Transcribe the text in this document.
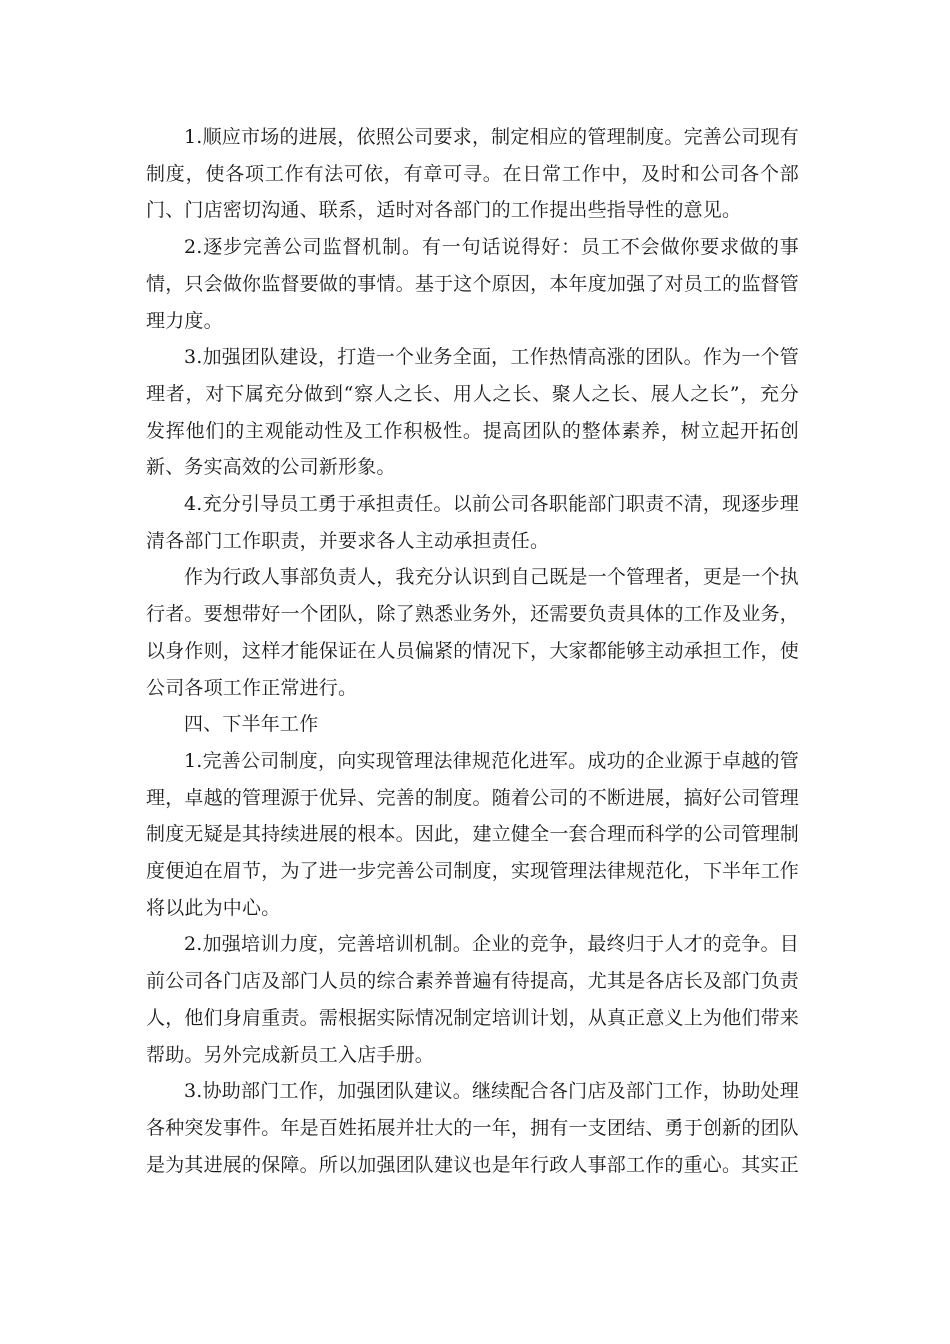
1.顺应市场的进展，依照公司要求，制定相应的管理制度。完善公司现有制度，使各项工作有法可依，有章可寻。在日常工作中，及时和公司各个部门、门店密切沟通、联系，适时对各部门的工作提出些指导性的意见。

2.逐步完善公司监督机制。有一句话说得好：员工不会做你要求做的事情，只会做你监督要做的事情。基于这个原因，本年度加强了对员工的监督管理力度。

3.加强团队建设，打造一个业务全面，工作热情高涨的团队。作为一个管理者，对下属充分做到“察人之长、用人之长、聚人之长、展人之长”，充分发挥他们的主观能动性及工作积极性。提高团队的整体素养，树立起开拓创新、务实高效的公司新形象。

4.充分引导员工勇于承担责任。以前公司各职能部门职责不清，现逐步理清各部门工作职责，并要求各人主动承担责任。

作为行政人事部负责人，我充分认识到自己既是一个管理者，更是一个执行者。要想带好一个团队，除了熟悉业务外，还需要负责具体的工作及业务，以身作则，这样才能保证在人员偏紧的情况下，大家都能够主动承担工作，使公司各项工作正常进行。

四、下半年工作

1.完善公司制度，向实现管理法律规范化进军。成功的企业源于卓越的管理，卓越的管理源于优异、完善的制度。随着公司的不断进展，搞好公司管理制度无疑是其持续进展的根本。因此，建立健全一套合理而科学的公司管理制度便迫在眉节，为了进一步完善公司制度，实现管理法律规范化，下半年工作将以此为中心。

2.加强培训力度，完善培训机制。企业的竞争，最终归于人才的竞争。目前公司各门店及部门人员的综合素养普遍有待提高，尤其是各店长及部门负责人，他们身肩重责。需根据实际情况制定培训计划，从真正意义上为他们带来帮助。另外完成新员工入店手册。

3.协助部门工作，加强团队建议。继续配合各门店及部门工作，协助处理各种突发事件。年是百姓拓展并壮大的一年，拥有一支团结、勇于创新的团队是为其进展的保障。所以加强团队建议也是年行政人事部工作的重心。其实正
